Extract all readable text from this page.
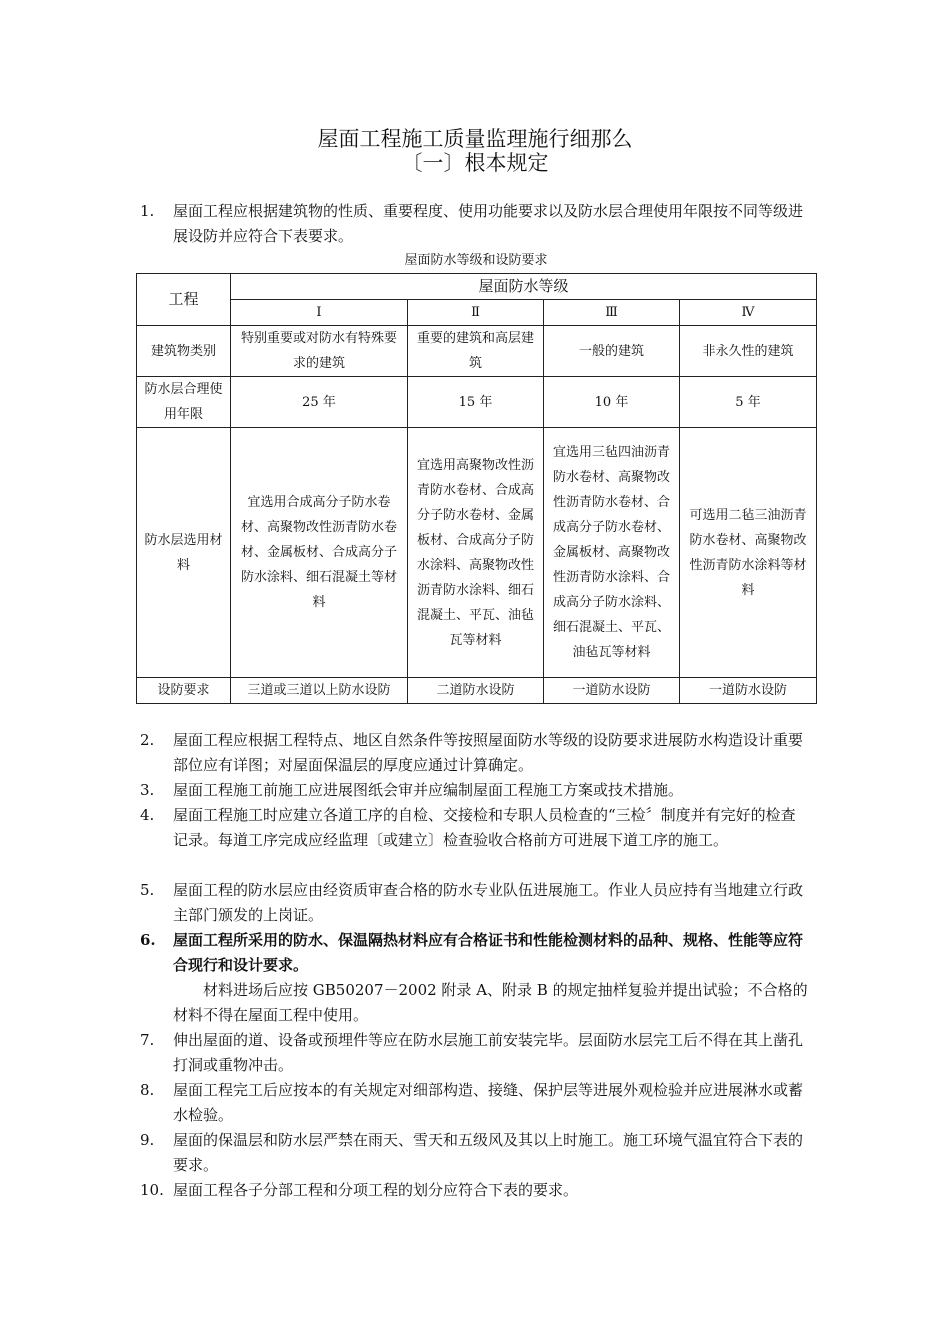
屋面工程施工质量监理施行细那么
〔一〕根本规定
1.	屋面工程应根据建筑物的性质、重要程度、使用功能要求以及防水层合理使用年限按不同等级进展设防并应符合下表要求。
屋面防水等级和设防要求
工程	屋面防水等级			
	Ⅰ	Ⅱ	Ⅲ	Ⅳ
建筑物类别	特别重要或对防水有特殊要求的建筑	重要的建筑和高层建筑	一般的建筑	非永久性的建筑
防水层合理使用年限	25 年	15 年	10 年	5 年
防水层选用材料	宜选用合成高分子防水卷材、高聚物改性沥青防水卷材、金属板材、合成高分子防水涂料、细石混凝土等材料	宜选用高聚物改性沥青防水卷材、合成高分子防水卷材、金属板材、合成高分子防水涂料、高聚物改性沥青防水涂料、细石混凝土、平瓦、油毡瓦等材料	宜选用三毡四油沥青防水卷材、高聚物改性沥青防水卷材、合成高分子防水卷材、金属板材、高聚物改性沥青防水涂料、合成高分子防水涂料、细石混凝土、平瓦、油毡瓦等材料	可选用二毡三油沥青防水卷材、高聚物改性沥青防水涂料等材料
设防要求	三道或三道以上防水设防	二道防水设防	一道防水设防	一道防水设防
2.	屋面工程应根据工程特点、地区自然条件等按照屋面防水等级的设防要求进展防水构造设计重要部位应有详图；对屋面保温层的厚度应通过计算确定。
3.	屋面工程施工前施工应进展图纸会审并应编制屋面工程施工方案或技术措施。
4.	屋面工程施工时应建立各道工序的自检、交接检和专职人员检查的“三检〞制度并有完好的检查记录。每道工序完成应经监理〔或建立〕检查验收合格前方可进展下道工序的施工。
5.	屋面工程的防水层应由经资质审查合格的防水专业队伍进展施工。作业人员应持有当地建立行政主部门颁发的上岗证。
6.	屋面工程所采用的防水、保温隔热材料应有合格证书和性能检测材料的品种、规格、性能等应符合现行和设计要求。
材料进场后应按 GB50207－2002 附录 A、附录 B 的规定抽样复验并提出试验；不合格的材料不得在屋面工程中使用。
7.	伸出屋面的道、设备或预埋件等应在防水层施工前安装完毕。层面防水层完工后不得在其上凿孔打洞或重物冲击。
8.	屋面工程完工后应按本的有关规定对细部构造、接缝、保护层等进展外观检验并应进展淋水或蓄水检验。
9.	屋面的保温层和防水层严禁在雨天、雪天和五级风及其以上时施工。施工环境气温宜符合下表的要求。
10. 屋面工程各子分部工程和分项工程的划分应符合下表的要求。
